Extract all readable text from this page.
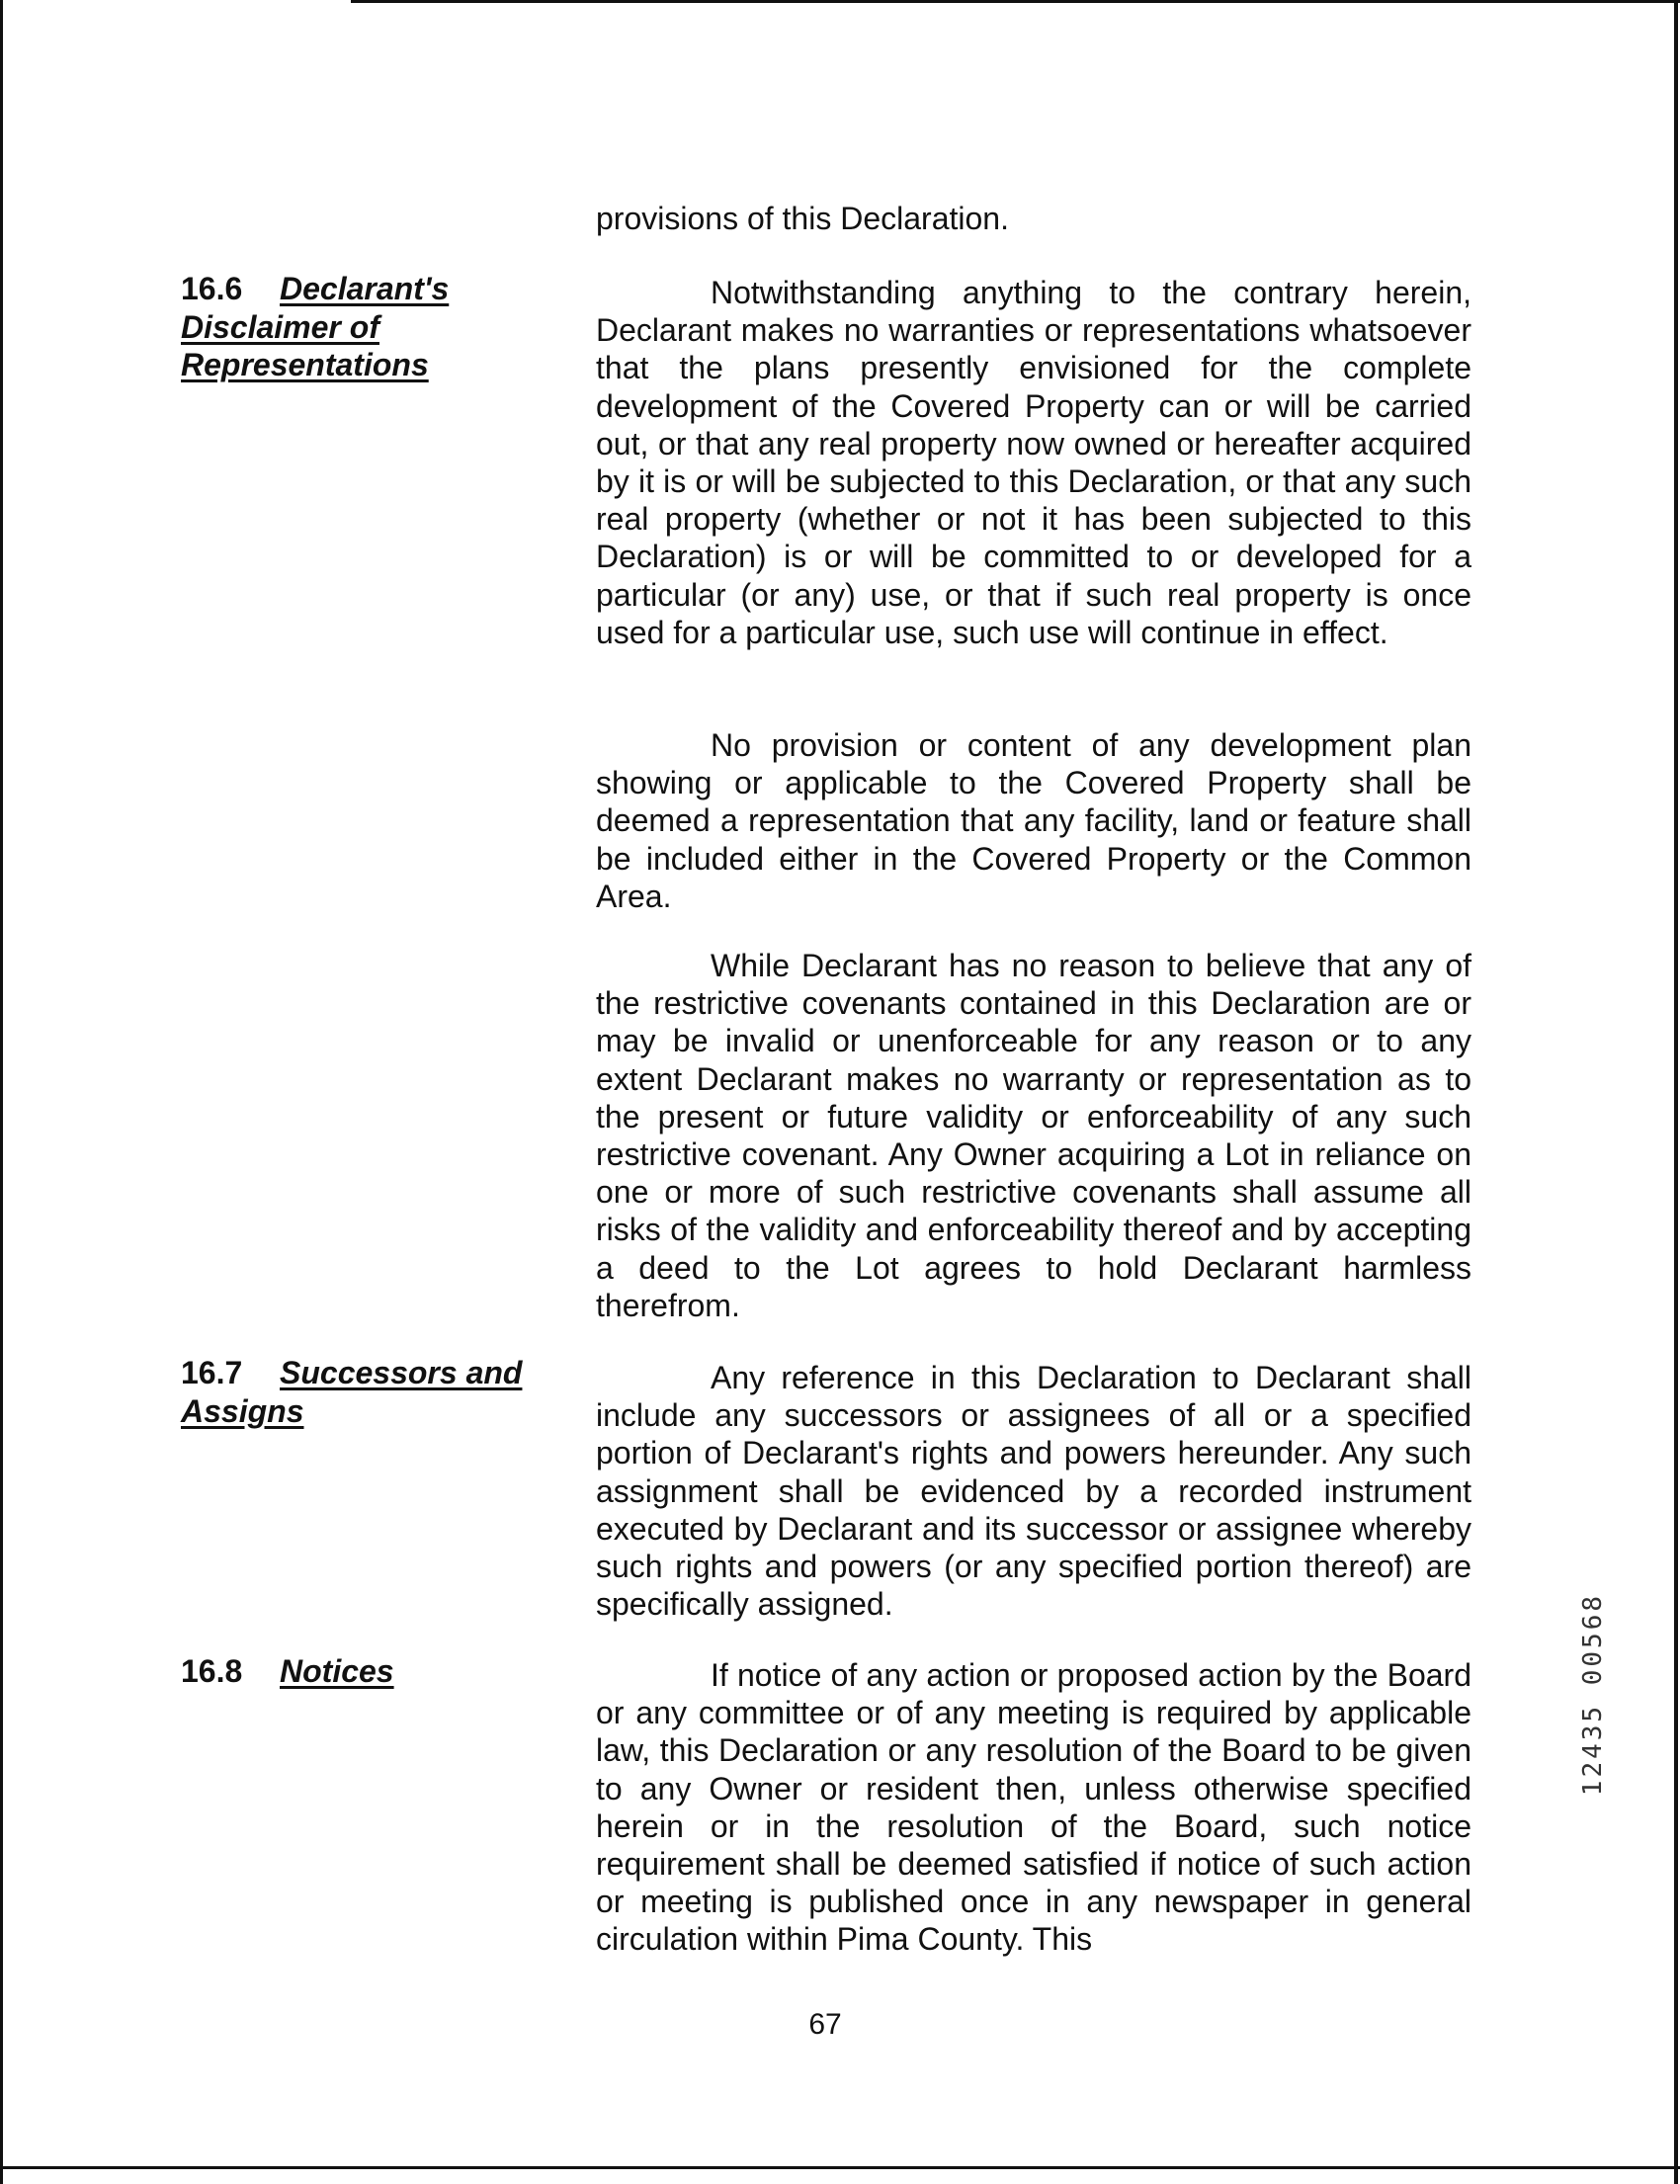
provisions of this Declaration.
16.6 Declarant's Disclaimer of Representations
Notwithstanding anything to the contrary herein, Declarant makes no warranties or representations whatsoever that the plans presently envisioned for the complete development of the Covered Property can or will be carried out, or that any real property now owned or hereafter acquired by it is or will be subjected to this Declaration, or that any such real property (whether or not it has been subjected to this Declaration) is or will be committed to or developed for a particular (or any) use, or that if such real property is once used for a particular use, such use will continue in effect.
No provision or content of any development plan showing or applicable to the Covered Property shall be deemed a representation that any facility, land or feature shall be included either in the Covered Property or the Common Area.
While Declarant has no reason to believe that any of the restrictive covenants contained in this Declaration are or may be invalid or unenforceable for any reason or to any extent Declarant makes no warranty or representation as to the present or future validity or enforceability of any such restrictive covenant. Any Owner acquiring a Lot in reliance on one or more of such restrictive covenants shall assume all risks of the validity and enforceability thereof and by accepting a deed to the Lot agrees to hold Declarant harmless therefrom.
16.7 Successors and Assigns
Any reference in this Declaration to Declarant shall include any successors or assignees of all or a specified portion of Declarant's rights and powers hereunder. Any such assignment shall be evidenced by a recorded instrument executed by Declarant and its successor or assignee whereby such rights and powers (or any specified portion thereof) are specifically assigned.
16.8 Notices	If notice of any action or proposed action by the Board or any committee or of any meeting is required by applicable law, this Declaration or any resolution of the Board to be given to any Owner or resident then, unless otherwise specified herein or in the resolution of the Board, such notice requirement shall be deemed satisfied if notice of such action or meeting is published once in any newspaper in general circulation within Pima County. This
67
12435 00568
